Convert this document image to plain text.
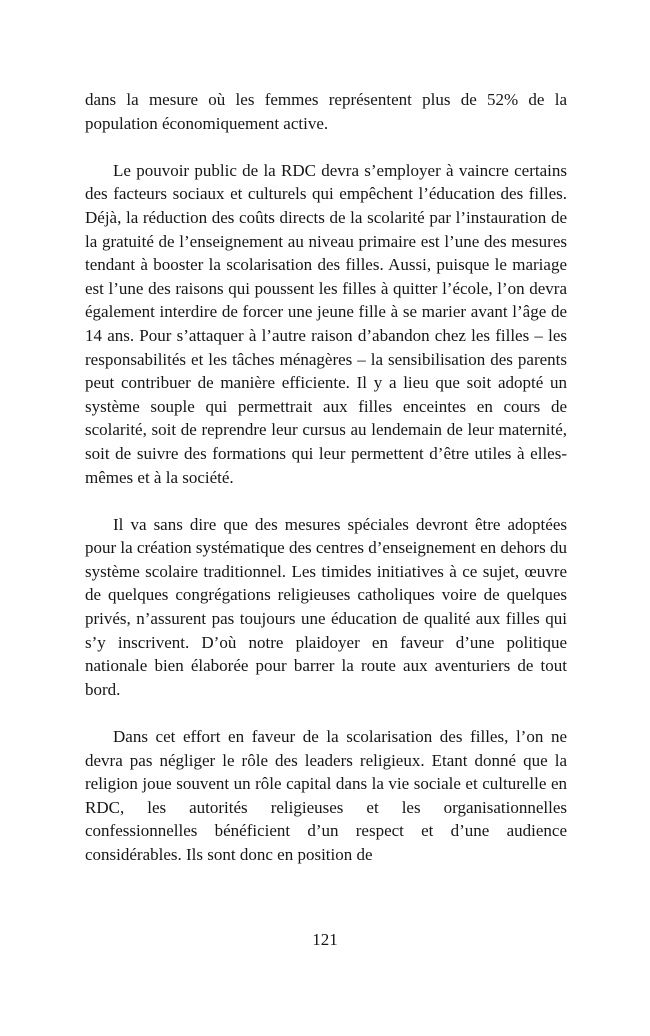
dans la mesure où les femmes représentent plus de 52% de la population économiquement active.

Le pouvoir public de la RDC devra s’employer à vaincre certains des facteurs sociaux et culturels qui empêchent l’éducation des filles. Déjà, la réduction des coûts directs de la scolarité par l’instauration de la gratuité de l’enseignement au niveau primaire est l’une des mesures tendant à booster la scolarisation des filles. Aussi, puisque le mariage est l’une des raisons qui poussent les filles à quitter l’école, l’on devra également interdire de forcer une jeune fille à se marier avant l’âge de 14 ans. Pour s’attaquer à l’autre raison d’abandon chez les filles – les responsabilités et les tâches ménagères – la sensibilisation des parents peut contribuer de manière efficiente. Il y a lieu que soit adopté un système souple qui permettrait aux filles enceintes en cours de scolarité, soit de reprendre leur cursus au lendemain de leur maternité, soit de suivre des formations qui leur permettent d’être utiles à elles-mêmes et à la société.

Il va sans dire que des mesures spéciales devront être adoptées pour la création systématique des centres d’enseignement en dehors du système scolaire traditionnel. Les timides initiatives à ce sujet, œuvre de quelques congrégations religieuses catholiques voire de quelques privés, n’assurent pas toujours une éducation de qualité aux filles qui s’y inscrivent. D’où notre plaidoyer en faveur d’une politique nationale bien élaborée pour barrer la route aux aventuriers de tout bord.

Dans cet effort en faveur de la scolarisation des filles, l’on ne devra pas négliger le rôle des leaders religieux. Etant donné que la religion joue souvent un rôle capital dans la vie sociale et culturelle en RDC, les autorités religieuses et les organisationnelles confessionnelles bénéficient d’un respect et d’une audience considérables. Ils sont donc en position de

121
